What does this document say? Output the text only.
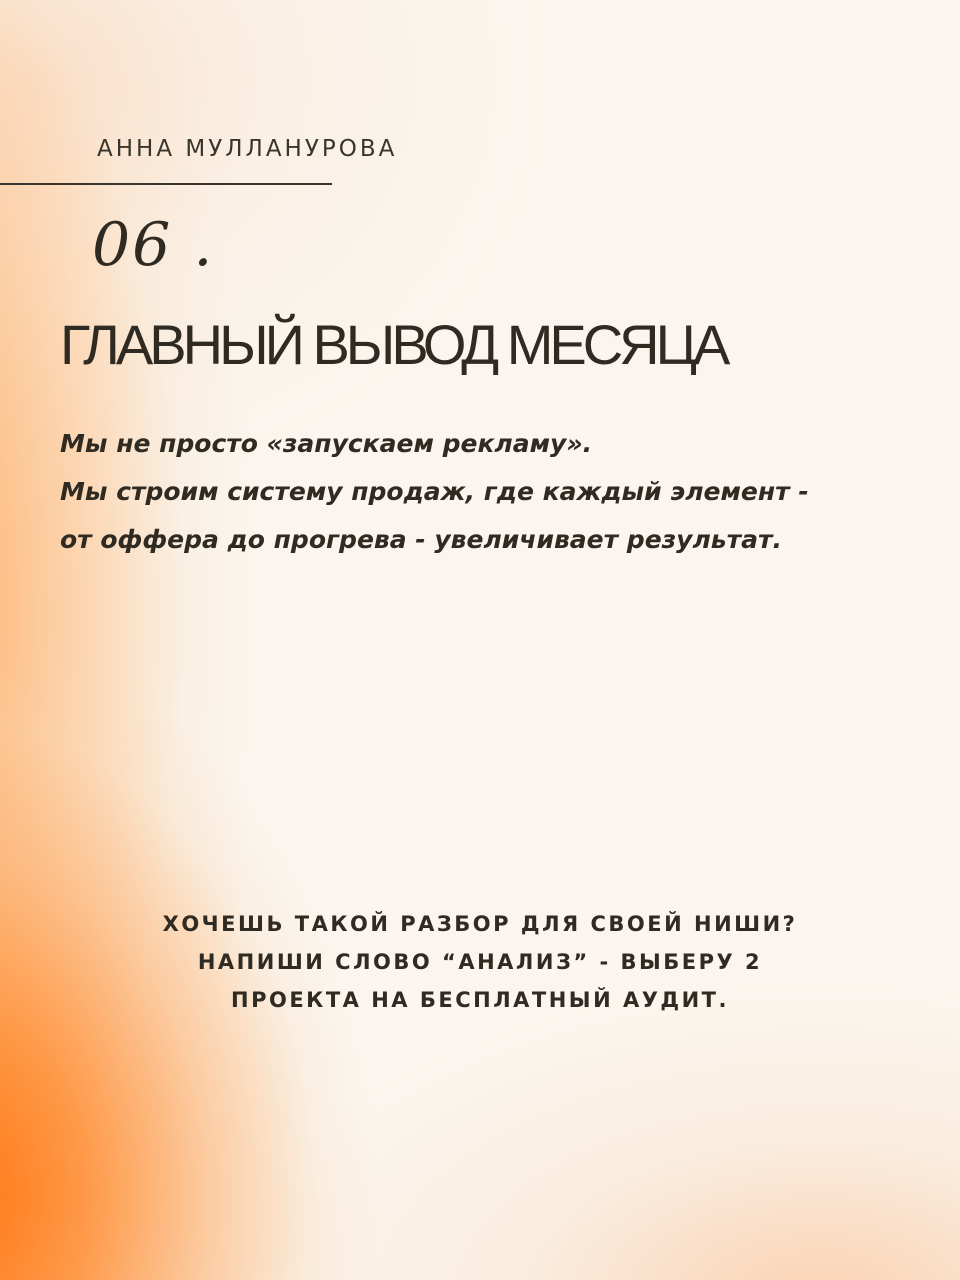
АННА МУЛЛАНУРОВА
06 .
ГЛАВНЫЙ ВЫВОД МЕСЯЦА
Мы не просто «запускаем рекламу».
Мы строим систему продаж, где каждый элемент -
от оффера до прогрева - увеличивает результат.
ХОЧЕШЬ ТАКОЙ РАЗБОР ДЛЯ СВОЕЙ НИШИ?
НАПИШИ СЛОВО “АНАЛИЗ” - ВЫБЕРУ 2
ПРОЕКТА НА БЕСПЛАТНЫЙ АУДИТ.
